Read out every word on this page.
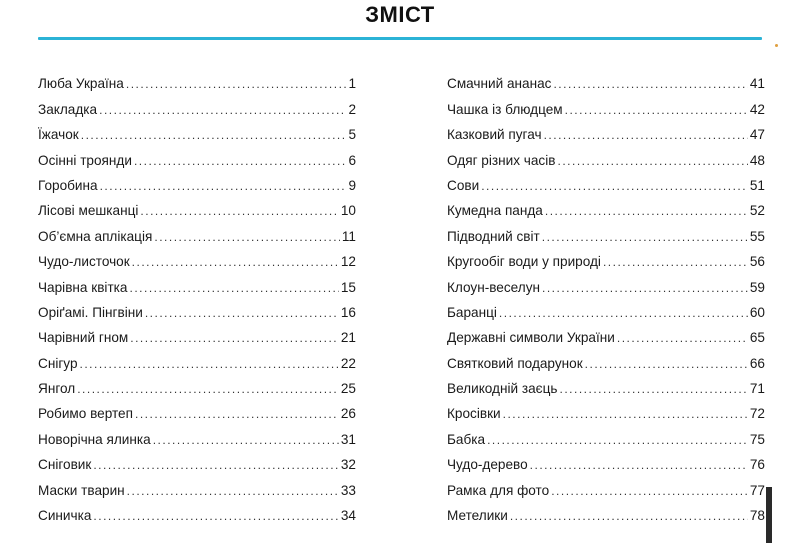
ЗМІСТ
Люба Україна .....	1
Закладка .....	2
Їжачок .....	5
Осінні троянди .....	6
Горобина .....	9
Лісові мешканці .....	10
Об’ємна аплікація .....	11
Чудо-листочок .....	12
Чарівна квітка .....	15
Оріґамі. Пінгвіни .....	16
Чарівний гном .....	21
Снігур .....	22
Янгол .....	25
Робимо вертеп .....	26
Новорічна ялинка .....	31
Сніговик .....	32
Маски тварин .....	33
Синичка .....	34
Смачний ананас .....	41
Чашка із блюдцем .....	42
Казковий пугач .....	47
Одяг різних часів .....	48
Сови .....	51
Кумедна панда .....	52
Підводний світ .....	55
Кругообіг води у природі .....	56
Клоун-веселун .....	59
Баранці .....	60
Державні символи України .....	65
Святковий подарунок .....	66
Великодній заєць .....	71
Кросівки .....	72
Бабка .....	75
Чудо-дерево .....	76
Рамка для фото .....	77
Метелики .....	78
